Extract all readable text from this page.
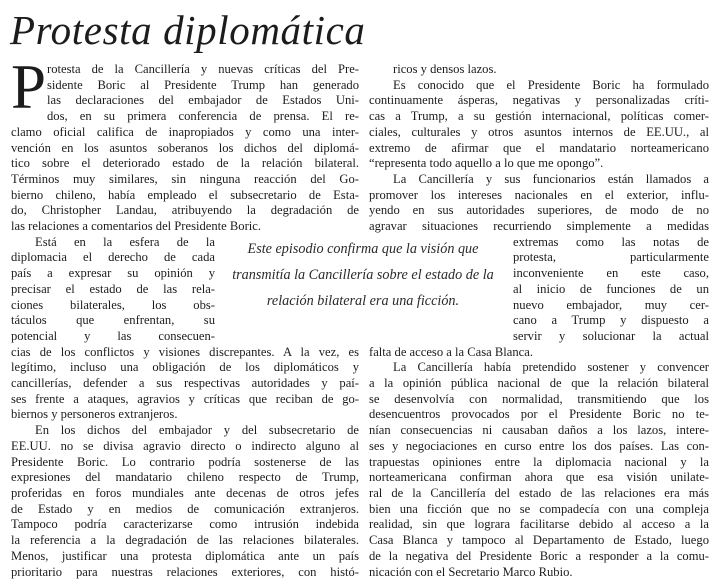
Protesta diplomática
P rotesta de la Cancillería y nuevas críticas del Pre-
sidente Boric al Presidente Trump han generado
las declaraciones del embajador de Estados Uni-
dos, en su primera conferencia de prensa. El re-
clamo oficial califica de inapropiados y como una inter-
vención en los asuntos soberanos los dichos del diplomá-
tico sobre el deteriorado estado de la relación bilateral.
Términos muy similares, sin ninguna reacción del Go-
bierno chileno, había empleado el subsecretario de Esta-
do, Christopher Landau, atribuyendo la degradación de
las relaciones a comentarios del Presidente Boric.
Está en la esfera de la
diplomacia el derecho de cada
país a expresar su opinión y
precisar el estado de las rela-
ciones bilaterales, los obs-
táculos que enfrentan, su
potencial y las consecuen-
cias de los conflictos y visiones discrepantes. A la vez, es
legítimo, incluso una obligación de los diplomáticos y
cancillerías, defender a sus respectivas autoridades y paí-
ses frente a ataques, agravios y críticas que reciban de go-
biernos y personeros extranjeros.
En los dichos del embajador y del subsecretario de
EE.UU. no se divisa agravio directo o indirecto alguno al
Presidente Boric. Lo contrario podría sostenerse de las
expresiones del mandatario chileno respecto de Trump,
proferidas en foros mundiales ante decenas de otros jefes
de Estado y en medios de comunicación extranjeros.
Tampoco podría caracterizarse como intrusión indebida
la referencia a la degradación de las relaciones bilaterales.
Menos, justificar una protesta diplomática ante un país
prioritario para nuestras relaciones exteriores, con histó-
ricos y densos lazos.
Es conocido que el Presidente Boric ha formulado
continuamente ásperas, negativas y personalizadas críti-
cas a Trump, a su gestión internacional, políticas comer-
ciales, culturales y otros asuntos internos de EE.UU., al
extremo de afirmar que el mandatario norteamericano
“representa todo aquello a lo que me opongo”.
La Cancillería y sus funcionarios están llamados a
promover los intereses nacionales en el exterior, influ-
yendo en sus autoridades superiores, de modo de no
agravar situaciones recurriendo simplemente a medidas
extremas como las notas de
protesta, particularmente
inconveniente en este caso,
al inicio de funciones de un
nuevo embajador, muy cer-
cano a Trump y dispuesto a
servir y solucionar la actual
falta de acceso a la Casa Blanca.
La Cancillería había pretendido sostener y convencer
a la opinión pública nacional de que la relación bilateral
se desenvolvía con normalidad, transmitiendo que los
desencuentros provocados por el Presidente Boric no te-
nían consecuencias ni causaban daños a los lazos, intere-
ses y negociaciones en curso entre los dos países. Las con-
trapuestas opiniones entre la diplomacia nacional y la
norteamericana confirman ahora que esa visión unilate-
ral de la Cancillería del estado de las relaciones era más
bien una ficción que no se compadecía con una compleja
realidad, sin que lograra facilitarse debido al acceso a la
Casa Blanca y tampoco al Departamento de Estado, luego
de la negativa del Presidente Boric a responder a la comu-
nicación con el Secretario Marco Rubio.
Este episodio confirma que la visión que
transmitía la Cancillería sobre el estado de la
relación bilateral era una ficción.
